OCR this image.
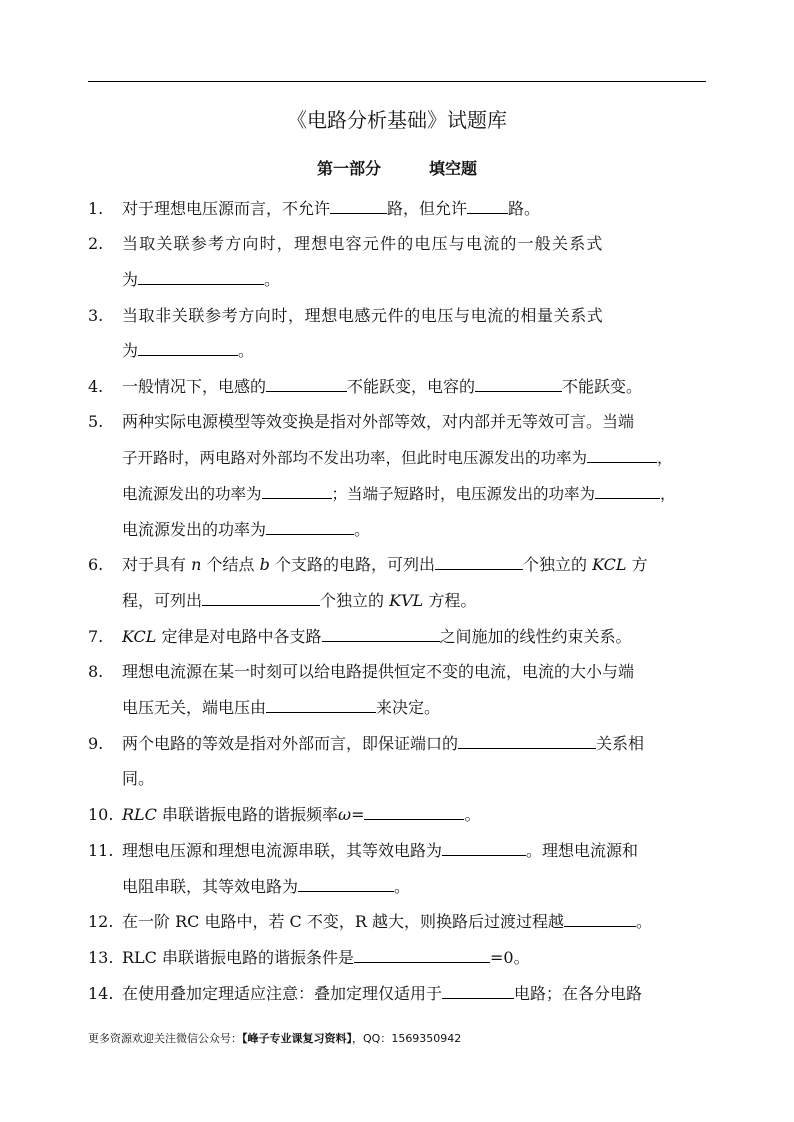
《电路分析基础》试题库
第一部分	填空题
1. 对于理想电压源而言，不允许	路，但允许	路。
2. 当取关联参考方向时，理想电容元件的电压与电流的一般关系式
为	。
3. 当取非关联参考方向时，理想电感元件的电压与电流的相量关系式
为	。
4. 一般情况下，电感的	不能跃变，电容的	不能跃变。
5. 两种实际电源模型等效变换是指对外部等效，对内部并无等效可言。当端
子开路时，两电路对外部均不发出功率，但此时电压源发出的功率为	，
电流源发出的功率为	；当端子短路时，电压源发出的功率为	，
电流源发出的功率为	。
6. 对于具有 n 个结点 b 个支路的电路，可列出	个独立的 KCL 方
程，可列出	个独立的 KVL 方程。
7. KCL 定律是对电路中各支路	之间施加的线性约束关系。
8. 理想电流源在某一时刻可以给电路提供恒定不变的电流，电流的大小与端
电压无关，端电压由	来决定。
9. 两个电路的等效是指对外部而言，即保证端口的	关系相
同。
10. RLC 串联谐振电路的谐振频率ω=	。
11. 理想电压源和理想电流源串联，其等效电路为	。理想电流源和
电阻串联，其等效电路为	。
12. 在一阶 RC 电路中，若 C 不变，R 越大，则换路后过渡过程越	。
13. RLC 串联谐振电路的谐振条件是	=0。
14. 在使用叠加定理适应注意：叠加定理仅适用于	电路；在各分电路
更多资源欢迎关注微信公众号：【峰子专业课复习资料】，QQ：1569350942
